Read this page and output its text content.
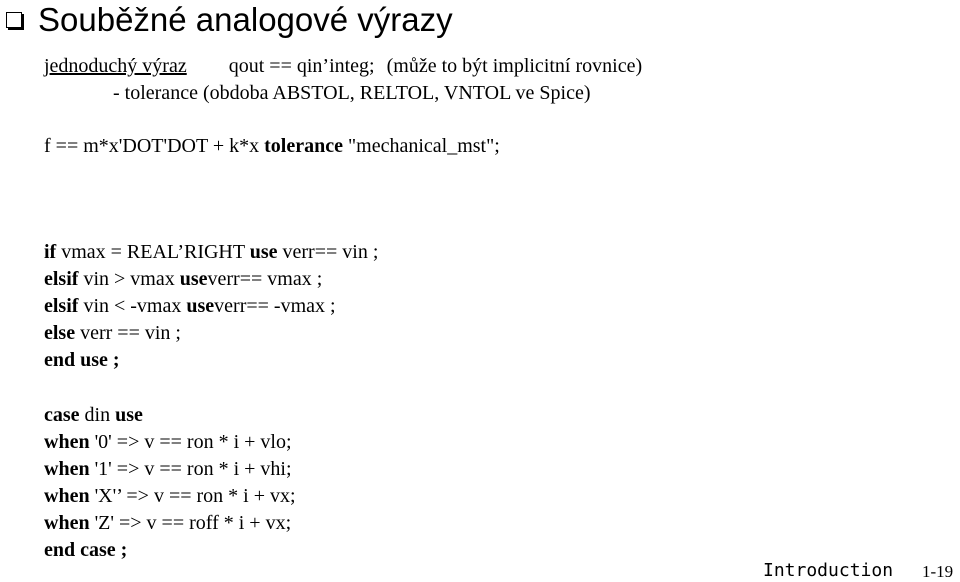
Souběžné analogové výrazy
jednoduchý výraz qout == qin’integ; (může to být implicitní rovnice)
- tolerance (obdoba ABSTOL, RELTOL, VNTOL ve Spice)
f == m*x'DOT'DOT + k*x tolerance "mechanical_mst";
if vmax = REAL’RIGHT use verr== vin ;
elsif vin > vmax useverr== vmax ;
elsif vin < -vmax useverr== -vmax ;
else verr == vin ;
end use ;
case din use
when '0' => v == ron * i + vlo;
when '1' => v == ron * i + vhi;
when 'X'’ => v == ron * i + vx;
when 'Z' => v == roff * i + vx;
end case ;
Introduction 1-19
